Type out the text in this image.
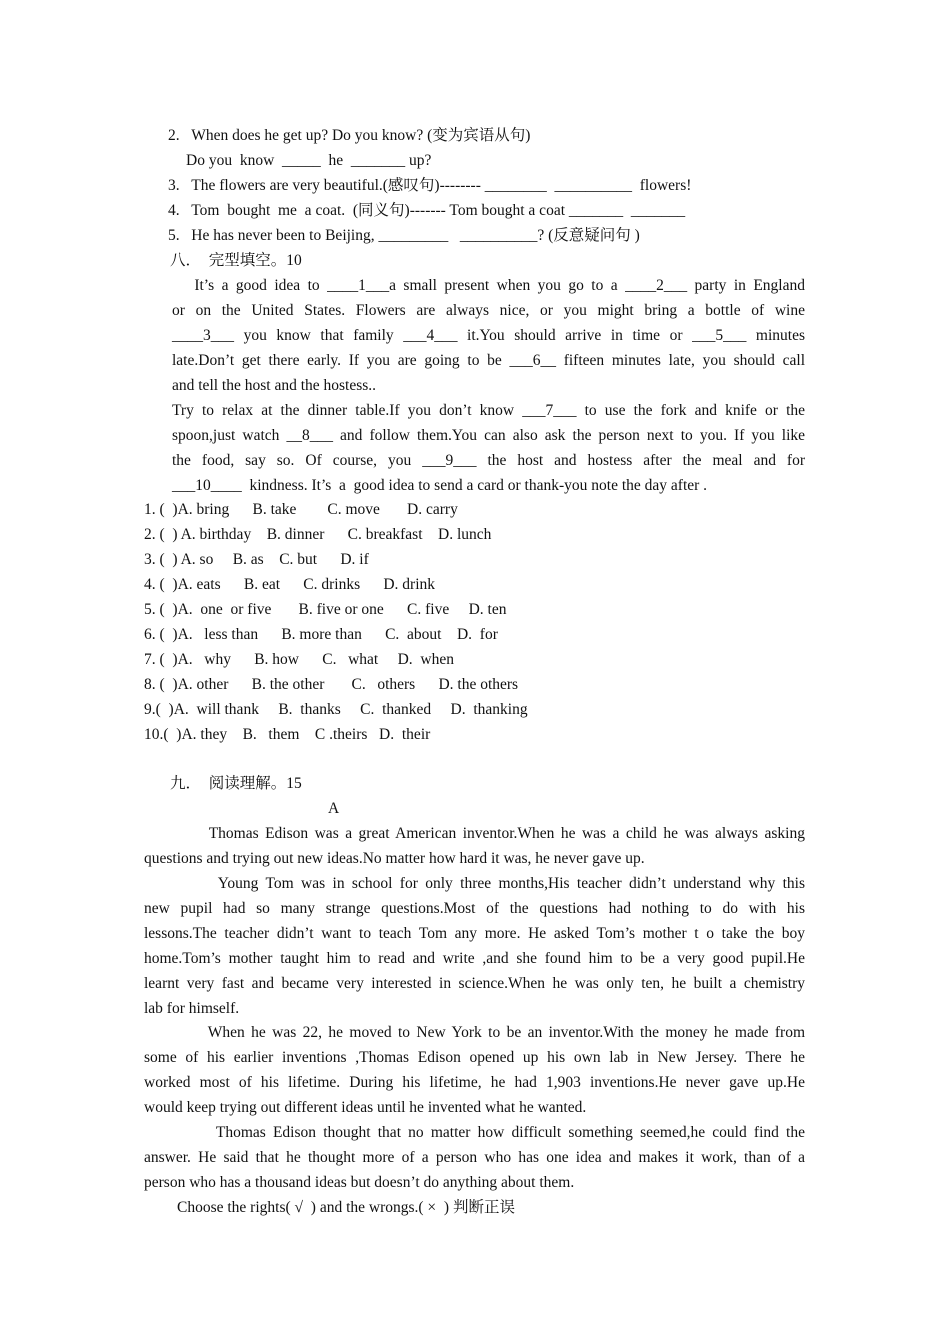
2.   When does he get up? Do you know? (变为宾语从句)
Do you  know  _____  he  _______ up?
3.   The flowers are very beautiful.(感叹句)-------- ________  __________  flowers!
4.   Tom  bought  me  a coat.  (同义句)------- Tom bought a coat _______  _______
5.   He has never been to Beijing, _________   __________? (反意疑问句 )
八．  完型填空。10
It’s a good idea to ____1___a small present when you go to a ____2___ party in England
or on the United States. Flowers are always nice, or you might bring a bottle of wine
____3___ you know that family ___4___ it.You should arrive in time or ___5___ minutes
late.Don’t get there early. If you are going to be ___6__ fifteen minutes late, you should call
and tell the host and the hostess..
Try to relax at the dinner table.If you don’t know ___7___ to use the fork and knife or the
spoon,just watch __8___ and follow them.You can also ask the person next to you. If you like
the food, say so. Of course, you ___9___ the host and hostess after the meal and for
___10____  kindness. It’s  a  good idea to send a card or thank-you note the day after .
1. (  )A. bring      B. take        C. move       D. carry
2. (  ) A. birthday    B. dinner      C. breakfast    D. lunch
3. (  ) A. so     B. as    C. but      D. if
4. (  )A. eats      B. eat      C. drinks      D. drink
5. (  )A.  one  or five       B. five or one      C. five     D. ten
6. (  )A.   less than      B. more than      C.  about    D.  for
7. (  )A.   why      B. how      C.   what     D.  when
8. (  )A. other      B. the other       C.   others      D. the others
9.(  )A.  will thank     B.  thanks     C.  thanked     D.  thanking
10.(  )A. they    B.   them    C .theirs   D.  their
九．  阅读理解。15
A
Thomas Edison was a great American inventor.When he was a child he was always asking
questions and trying out new ideas.No matter how hard it was, he never gave up.
Young Tom was in school for only three months,His teacher didn’t understand why this
new pupil had so many strange questions.Most of the questions had nothing to do with his
lessons.The teacher didn’t want to teach Tom any more. He asked Tom’s mother t o take the boy
home.Tom’s mother taught him to read and write ,and she found him to be a very good pupil.He
learnt very fast and became very interested in science.When he was only ten, he built a chemistry
lab for himself.
When he was 22, he moved to New York to be an inventor.With the money he made from
some of his earlier inventions ,Thomas Edison opened up his own lab in New Jersey. There he
worked most of his lifetime. During his lifetime, he had 1,903 inventions.He never gave up.He
would keep trying out different ideas until he invented what he wanted.
Thomas Edison thought that no matter how difficult something seemed,he could find the
answer. He said that he thought more of a person who has one idea and makes it work, than of a
person who has a thousand ideas but doesn’t do anything about them.
Choose the rights( √  ) and the wrongs.( ×  ) 判断正误
